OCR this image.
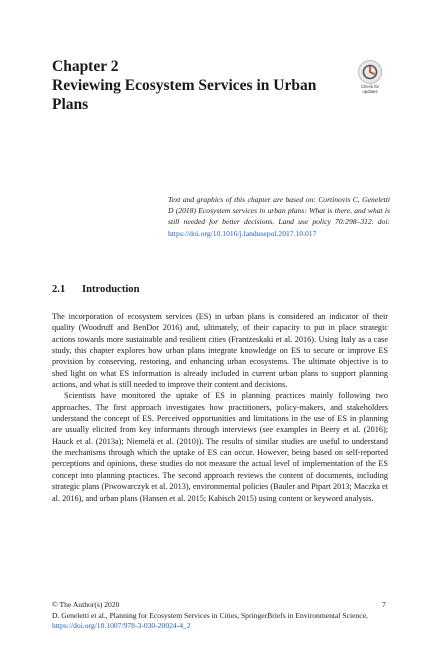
Chapter 2
Reviewing Ecosystem Services in Urban Plans
Check for updates
Text and graphics of this chapter are based on: Cortinovis C, Geneletti D (2018) Ecosystem services in urban plans: What is there, and what is still needed for better decisions. Land use policy 70:298–312. doi: https://doi.org/10.1016/j.landusepol.2017.10.017
2.1 Introduction

The incorporation of ecosystem services (ES) in urban plans is considered an indicator of their quality (Woodruff and BenDor 2016) and, ultimately, of their capacity to put in place strategic actions towards more sustainable and resilient cities (Frantzeskaki et al. 2016). Using Italy as a case study, this chapter explores how urban plans integrate knowledge on ES to secure or improve ES provision by conserving, restoring, and enhancing urban ecosystems. The ultimate objective is to shed light on what ES information is already included in current urban plans to support planning actions, and what is still needed to improve their content and decisions.

Scientists have monitored the uptake of ES in planning practices mainly following two approaches. The first approach investigates how practitioners, policy-makers, and stakeholders understand the concept of ES. Perceived opportunities and limitations in the use of ES in planning are usually elicited from key informants through interviews (see examples in Beery et al. (2016); Hauck et al. (2013a); Niemelä et al. (2010)). The results of similar studies are useful to understand the mechanisms through which the uptake of ES can occur. However, being based on self-reported perceptions and opinions, these studies do not measure the actual level of implementation of the ES concept into planning practices. The second approach reviews the content of documents, including strategic plans (Piwowarczyk et al. 2013), environmental policies (Bauler and Pipart 2013; Maczka et al. 2016), and urban plans (Hansen et al. 2015; Kabisch 2015) using content or keyword analysis.

© The Author(s) 2020
D. Geneletti et al., Planning for Ecosystem Services in Cities, SpringerBriefs in Environmental Science, https://doi.org/10.1007/978-3-030-20024-4_2
7
